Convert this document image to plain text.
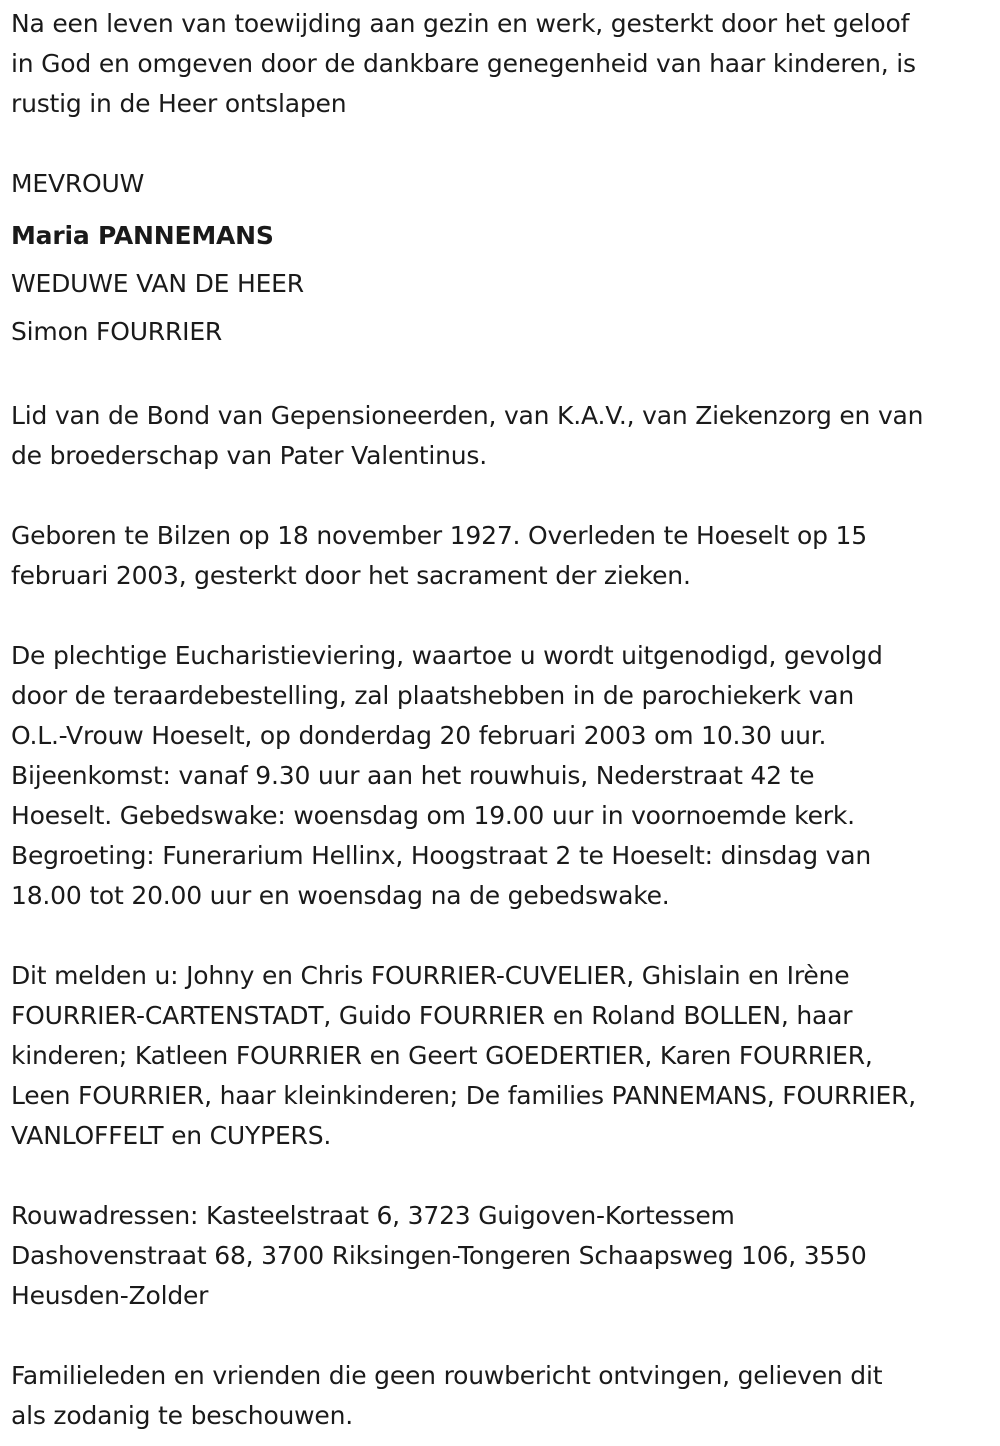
Na een leven van toewijding aan gezin en werk, gesterkt door het geloof
in God en omgeven door de dankbare genegenheid van haar kinderen, is
rustig in de Heer ontslapen
MEVROUW
Maria PANNEMANS
WEDUWE VAN DE HEER
Simon FOURRIER
Lid van de Bond van Gepensioneerden, van K.A.V., van Ziekenzorg en van
de broederschap van Pater Valentinus.
Geboren te Bilzen op 18 november 1927. Overleden te Hoeselt op 15
februari 2003, gesterkt door het sacrament der zieken.
De plechtige Eucharistieviering, waartoe u wordt uitgenodigd, gevolgd
door de teraardebestelling, zal plaatshebben in de parochiekerk van
O.L.-Vrouw Hoeselt, op donderdag 20 februari 2003 om 10.30 uur.
Bijeenkomst: vanaf 9.30 uur aan het rouwhuis, Nederstraat 42 te
Hoeselt. Gebedswake: woensdag om 19.00 uur in voornoemde kerk.
Begroeting: Funerarium Hellinx, Hoogstraat 2 te Hoeselt: dinsdag van
18.00 tot 20.00 uur en woensdag na de gebedswake.
Dit melden u: Johny en Chris FOURRIER-CUVELIER, Ghislain en Irène
FOURRIER-CARTENSTADT, Guido FOURRIER en Roland BOLLEN, haar
kinderen; Katleen FOURRIER en Geert GOEDERTIER, Karen FOURRIER,
Leen FOURRIER, haar kleinkinderen; De families PANNEMANS, FOURRIER,
VANLOFFELT en CUYPERS.
Rouwadressen: Kasteelstraat 6, 3723 Guigoven-Kortessem
Dashovenstraat 68, 3700 Riksingen-Tongeren Schaapsweg 106, 3550
Heusden-Zolder
Familieleden en vrienden die geen rouwbericht ontvingen, gelieven dit
als zodanig te beschouwen.
